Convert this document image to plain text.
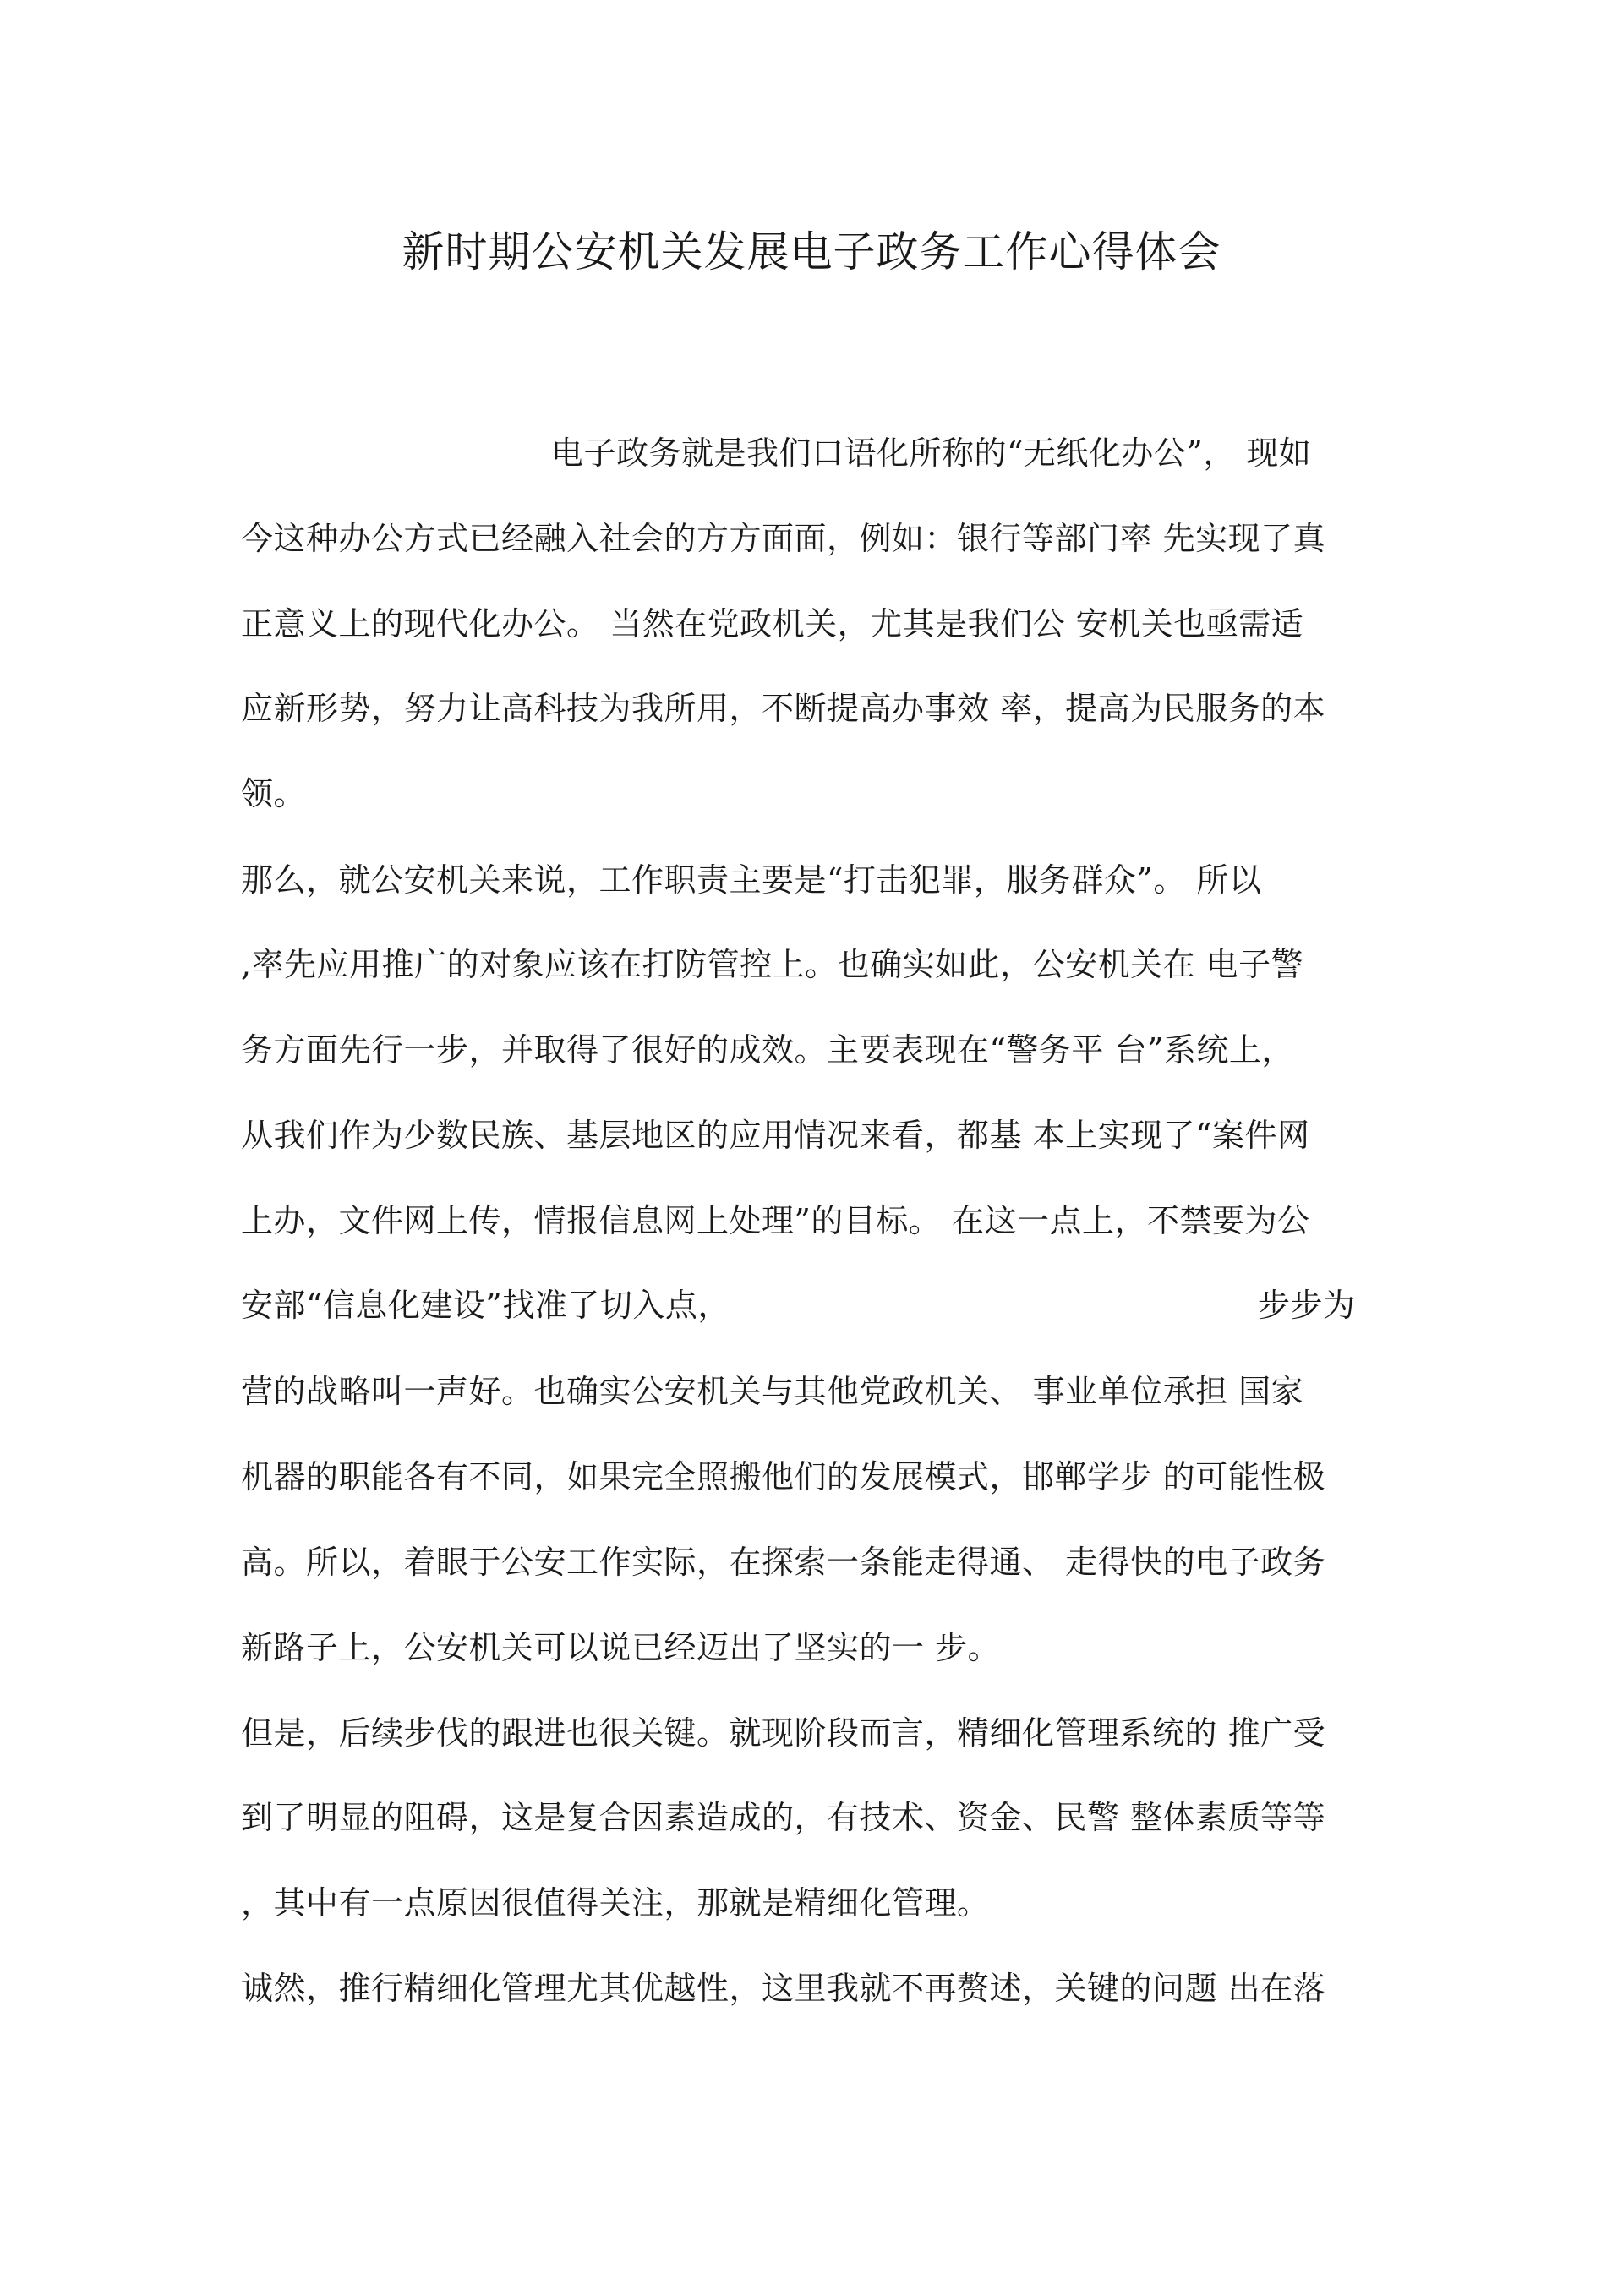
新时期公安机关发展电子政务工作心得体会
电子政务就是我们口语化所称的“无纸化办公”， 现如
今这种办公方式已经融入社会的方方面面，例如：银行等部门率 先实现了真
正意义上的现代化办公。 当然在党政机关，尤其是我们公 安机关也亟需适
应新形势，努力让高科技为我所用，不断提高办事效 率，提高为民服务的本
领。
那么，就公安机关来说，工作职责主要是“打击犯罪，服务群众”。 所以
,率先应用推广的对象应该在打防管控上。也确实如此，公安机关在 电子警
务方面先行一步，并取得了很好的成效。主要表现在“警务平 台”系统上，
从我们作为少数民族、基层地区的应用情况来看，都基 本上实现了“案件网
上办，文件网上传，情报信息网上处理”的目标。 在这一点上，不禁要为公
安部“信息化建设”找准了切入点，	步步为
营的战略叫一声好。也确实公安机关与其他党政机关、 事业单位承担 国家
机器的职能各有不同，如果完全照搬他们的发展模式，邯郸学步 的可能性极
高。所以，着眼于公安工作实际，在探索一条能走得通、 走得快的电子政务
新路子上，公安机关可以说已经迈出了坚实的一 步。
但是，后续步伐的跟进也很关键。就现阶段而言，精细化管理系统的 推广受
到了明显的阻碍，这是复合因素造成的，有技术、资金、民警 整体素质等等
，其中有一点原因很值得关注，那就是精细化管理。
诚然，推行精细化管理尤其优越性，这里我就不再赘述，关键的问题 出在落
